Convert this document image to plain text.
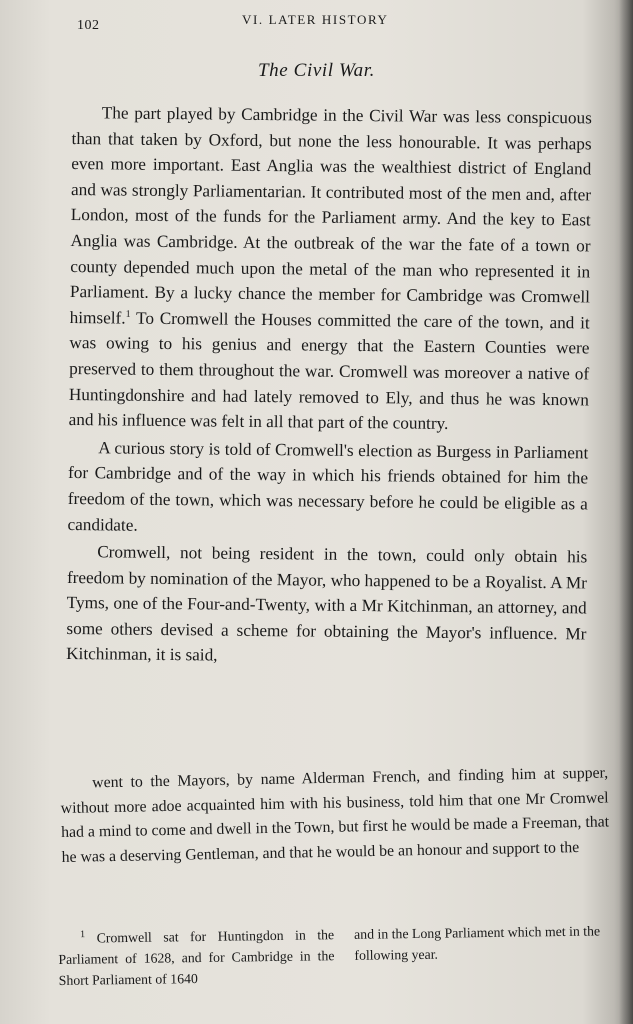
102	VI. LATER HISTORY
The Civil War.

The part played by Cambridge in the Civil War was less conspicuous than that taken by Oxford, but none the less honourable. It was perhaps even more important. East Anglia was the wealthiest district of England and was strongly Parliamentarian. It contributed most of the men and, after London, most of the funds for the Parliament army. And the key to East Anglia was Cambridge. At the outbreak of the war the fate of a town or county depended much upon the metal of the man who represented it in Parliament. By a lucky chance the member for Cambridge was Cromwell himself.$^1$ To Cromwell the Houses committed the care of the town, and it was owing to his genius and energy that the Eastern Counties were preserved to them throughout the war. Cromwell was moreover a native of Huntingdonshire and had lately removed to Ely, and thus he was known and his influence was felt in all that part of the country.

A curious story is told of Cromwell's election as Burgess in Parliament for Cambridge and of the way in which his friends obtained for him the freedom of the town, which was necessary before he could be eligible as a candidate.

Cromwell, not being resident in the town, could only obtain his freedom by nomination of the Mayor, who happened to be a Royalist. A Mr Tyms, one of the Four-and-Twenty, with a Mr Kitchinman, an attorney, and some others devised a scheme for obtaining the Mayor's influence. Mr Kitchinman, it is said,

went to the Mayors, by name Alderman French, and finding him at supper, without more adoe acquainted him with his business, told him that one Mr Cromwel had a mind to come and dwell in the Town, but first he would be made a Freeman, that he was a deserving Gentleman, and that he would be an honour and support to the

$^1$ Cromwell sat for Huntingdon in the Parliament of 1628, and for Cambridge in the Short Parliament of 1640

and in the Long Parliament which met in the following year.
